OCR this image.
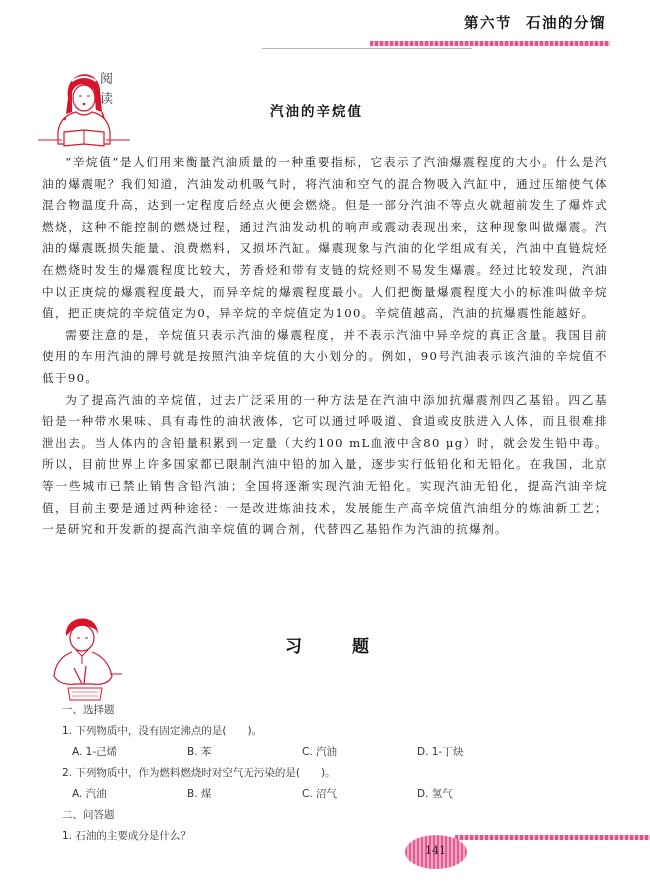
第六节 石油的分馏
阅
读
汽油的辛烷值

“辛烷值”是人们用来衡量汽油质量的一种重要指标，它表示了汽油爆震程度的大小。什么是汽油的爆震呢？我们知道，汽油发动机吸气时，将汽油和空气的混合物吸入汽缸中，通过压缩使气体混合物温度升高，达到一定程度后经点火便会燃烧。但是一部分汽油不等点火就超前发生了爆炸式燃烧，这种不能控制的燃烧过程，通过汽油发动机的响声或震动表现出来，这种现象叫做爆震。汽油的爆震既损失能量、浪费燃料，又损坏汽缸。爆震现象与汽油的化学组成有关，汽油中直链烷烃在燃烧时发生的爆震程度比较大，芳香烃和带有支链的烷烃则不易发生爆震。经过比较发现，汽油中以正庚烷的爆震程度最大，而异辛烷的爆震程度最小。人们把衡量爆震程度大小的标准叫做辛烷值，把正庚烷的辛烷值定为0，异辛烷的辛烷值定为100。辛烷值越高，汽油的抗爆震性能越好。

需要注意的是，辛烷值只表示汽油的爆震程度，并不表示汽油中异辛烷的真正含量。我国目前使用的车用汽油的牌号就是按照汽油辛烷值的大小划分的。例如，90号汽油表示该汽油的辛烷值不低于90。

为了提高汽油的辛烷值，过去广泛采用的一种方法是在汽油中添加抗爆震剂四乙基铅。四乙基铅是一种带水果味、具有毒性的油状液体，它可以通过呼吸道、食道或皮肤进入人体，而且很难排泄出去。当人体内的含铅量积累到一定量（大约100 mL血液中含80 μg）时，就会发生铅中毒。所以，目前世界上许多国家都已限制汽油中铅的加入量，逐步实行低铅化和无铅化。在我国，北京等一些城市已禁止销售含铅汽油；全国将逐渐实现汽油无铅化。实现汽油无铅化，提高汽油辛烷值，目前主要是通过两种途径：一是改进炼油技术，发展能生产高辛烷值汽油组分的炼油新工艺；一是研究和开发新的提高汽油辛烷值的调合剂，代替四乙基铅作为汽油的抗爆剂。

习	题
一、选择题
1. 下列物质中，没有固定沸点的是(　　)。
A. 1-己烯	B. 苯	C. 汽油	D. 1-丁炔
2. 下列物质中，作为燃料燃烧时对空气无污染的是(　　)。
A. 汽油	B. 煤	C. 沼气	D. 氢气
二、问答题
1. 石油的主要成分是什么？
141
